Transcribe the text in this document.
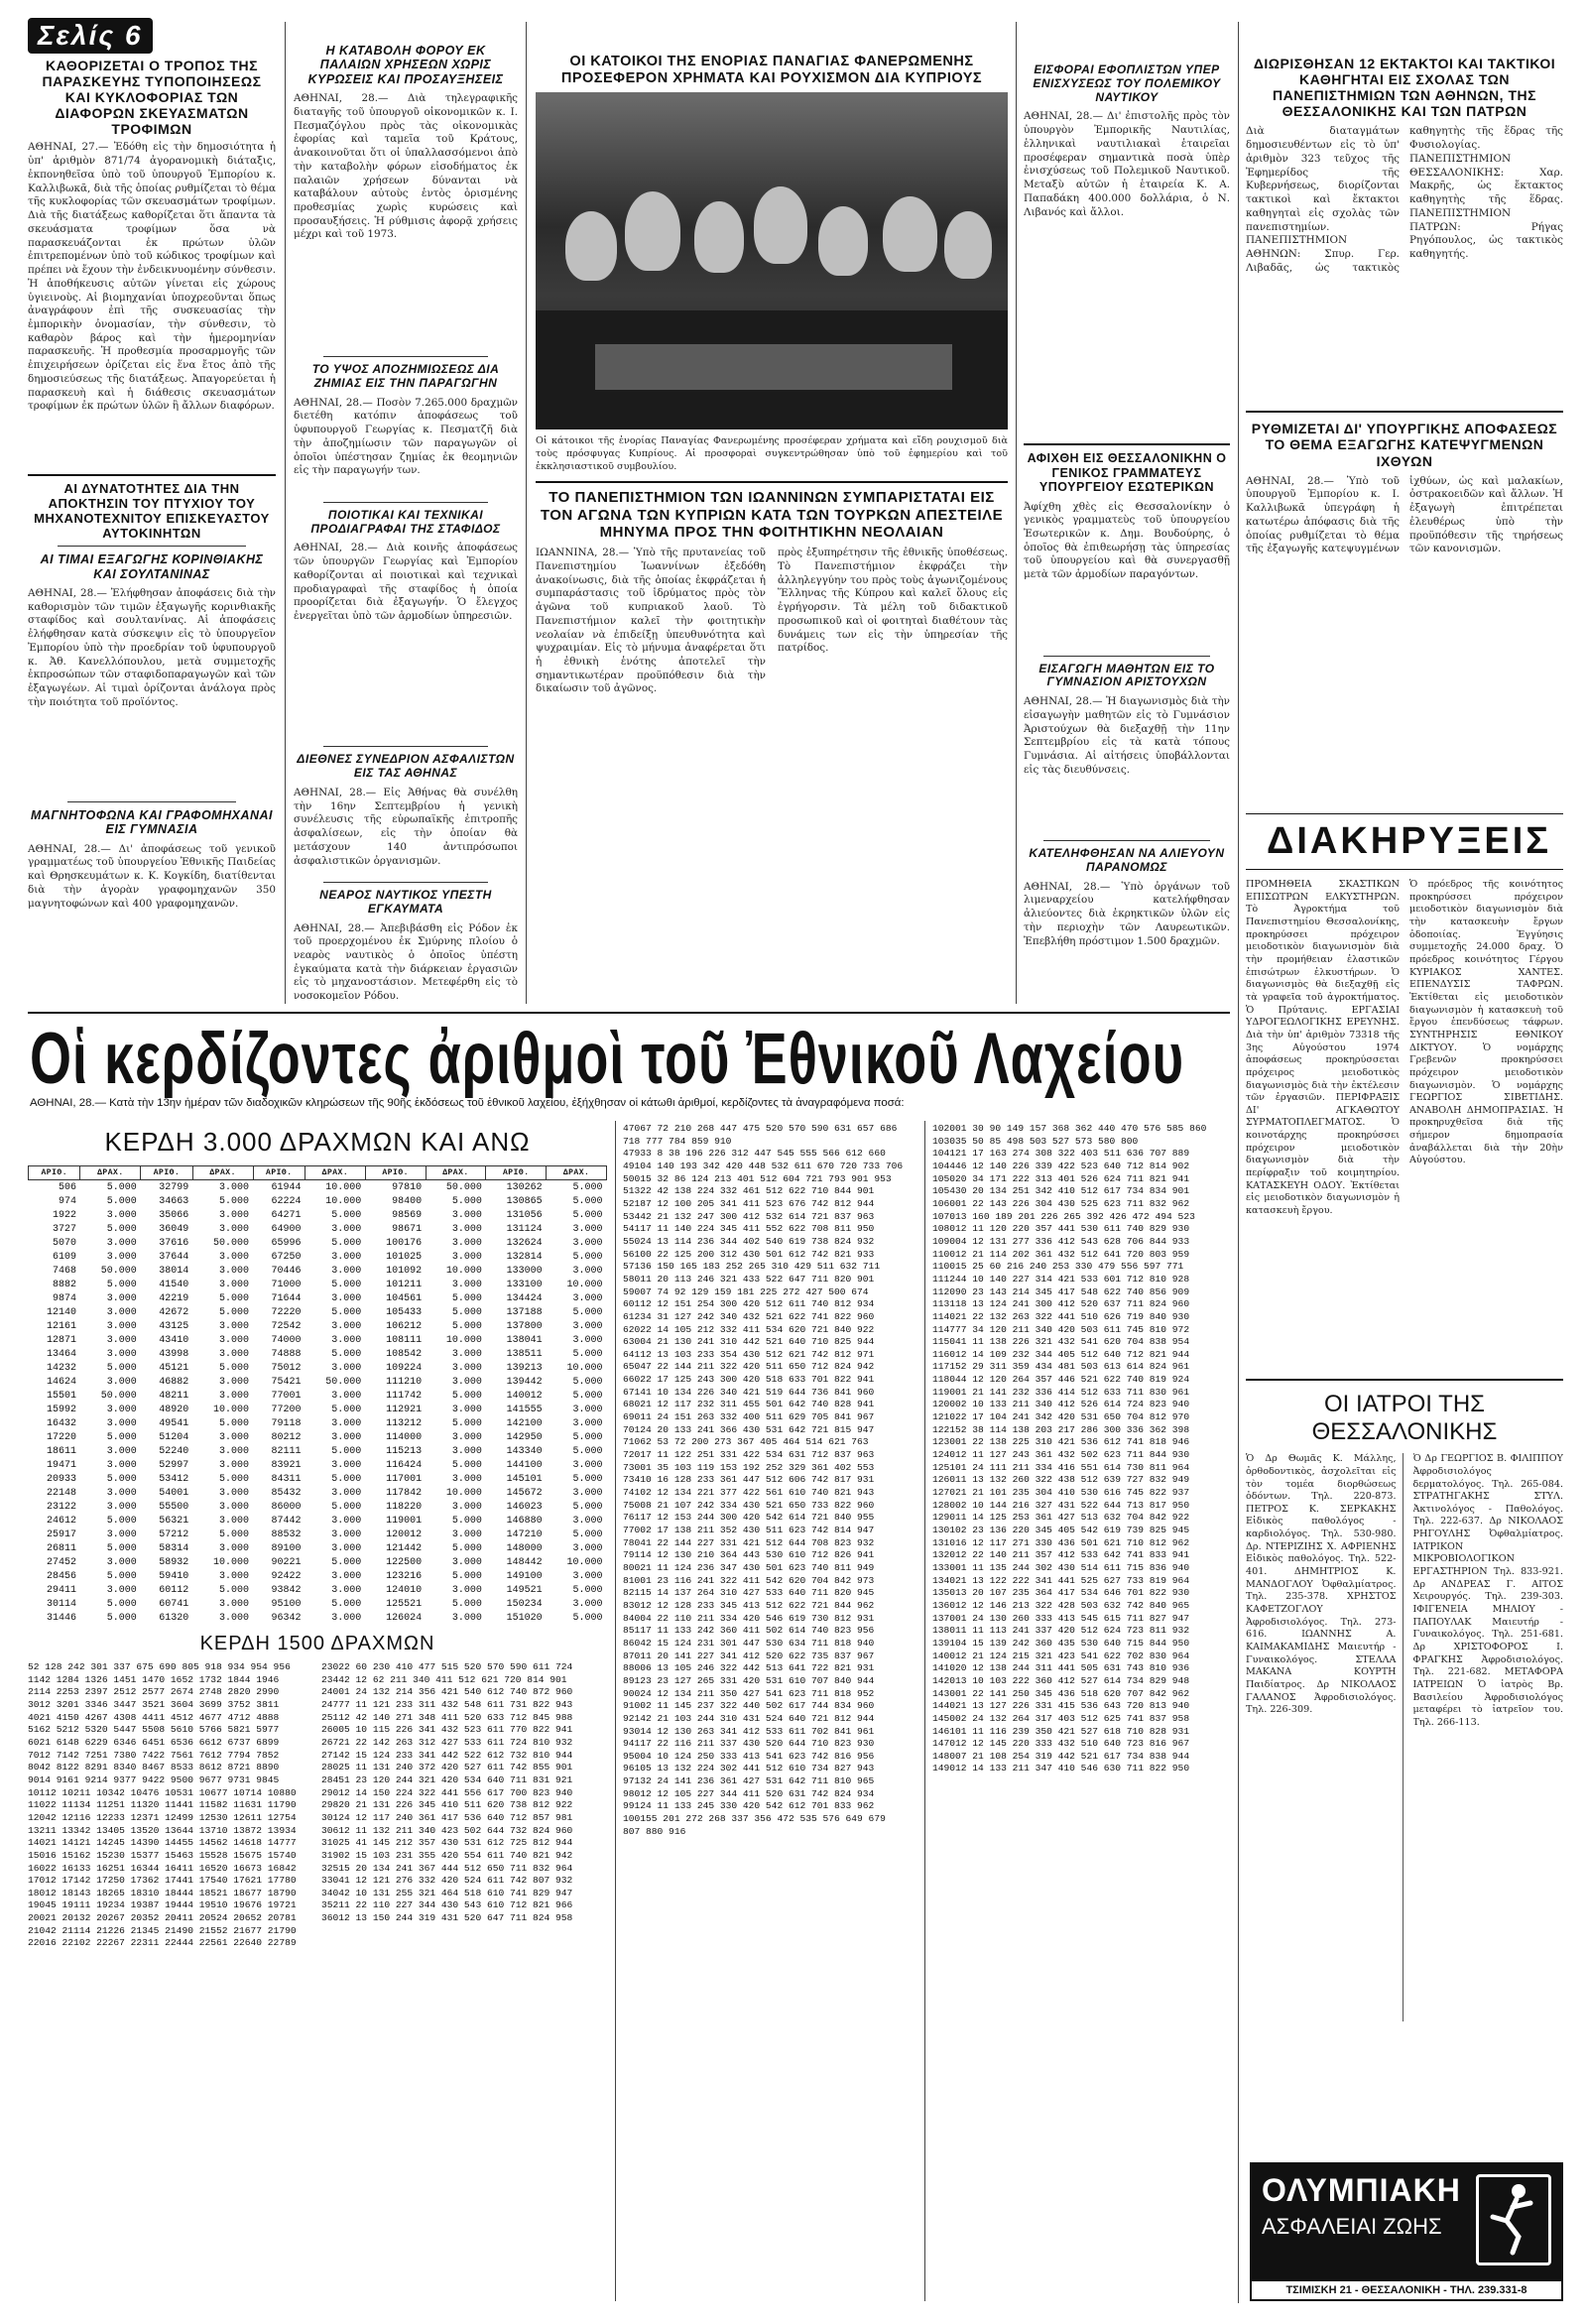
Σελίς 6
ΚΑΘΟΡΙΖΕΤΑΙ Ο ΤΡΟΠΟΣ ΤΗΣ ΠΑΡΑΣΚΕΥΗΣ ΤΥΠΟΠΟΙΗΣΕΩΣ ΚΑΙ ΚΥΚΛΟΦΟΡΙΑΣ ΤΩΝ ΔΙΑΦΟΡΩΝ ΣΚΕΥΑΣΜΑΤΩΝ ΤΡΟΦΙΜΩΝ

ΑΘΗΝΑΙ, 27.— Ἐδόθη εἰς τὴν δημοσιότητα ἡ ὑπ' ἀριθμὸν 871/74 ἀγορανομικὴ διάταξις, ἐκπονηθεῖσα ὑπὸ τοῦ ὑπουργοῦ Ἐμπορίου κ. Καλλιβωκᾶ, διὰ τῆς ὁποίας ρυθμίζεται τὸ θέμα τῆς κυκλοφορίας τῶν σκευασμάτων τροφίμων. Διὰ τῆς διατάξεως καθορίζεται ὅτι ἅπαντα τὰ σκευάσματα τροφίμων ὅσα νὰ παρασκευάζονται ἐκ πρώτων ὑλῶν ἐπιτρεπομένων ὑπὸ τοῦ κώδικος τροφίμων καὶ πρέπει νὰ ἔχουν τὴν ἐνδεικνυομένην σύνθεσιν. Ἡ ἀποθήκευσις αὐτῶν γίνεται εἰς χώρους ὑγιεινοὺς. Αἱ βιομηχανίαι ὑποχρεοῦνται ὅπως ἀναγράφουν ἐπὶ τῆς συσκευασίας τὴν ἐμπορικὴν ὀνομασίαν, τὴν σύνθεσιν, τὸ καθαρὸν βάρος καὶ τὴν ἡμερομηνίαν παρασκευῆς. Ἡ προθεσμία προσαρμογῆς τῶν ἐπιχειρήσεων ὁρίζεται εἰς ἕνα ἔτος ἀπὸ τῆς δημοσιεύσεως τῆς διατάξεως. Ἀπαγορεύεται ἡ παρασκευὴ καὶ ἡ διάθεσις σκευασμάτων τροφίμων ἐκ πρώτων ὑλῶν ἢ ἄλλων διαφόρων.

ΑΙ ΔΥΝΑΤΟΤΗΤΕΣ ΔΙΑ ΤΗΝ ΑΠΟΚΤΗΣΙΝ ΤΟΥ ΠΤΥΧΙΟΥ ΤΟΥ ΜΗΧΑΝΟΤΕΧΝΙΤΟΥ ΕΠΙΣΚΕΥΑΣΤΟΥ ΑΥΤΟΚΙΝΗΤΩΝ
ΑΙ ΤΙΜΑΙ ΕΞΑΓΩΓΗΣ ΚΟΡΙΝΘΙΑΚΗΣ ΚΑΙ ΣΟΥΛΤΑΝΙΝΑΣ

ΑΘΗΝΑΙ, 28.— Ἐλήφθησαν ἀποφάσεις διὰ τὴν καθορισμὸν τῶν τιμῶν ἐξαγωγῆς κορινθιακῆς σταφίδος καὶ σουλτανίνας. Αἱ ἀποφάσεις ἐλήφθησαν κατὰ σύσκεψιν εἰς τὸ ὑπουργεῖον Ἐμπορίου ὑπὸ τὴν προεδρίαν τοῦ ὑφυπουργοῦ κ. Ἀθ. Κανελλόπουλου, μετὰ συμμετοχῆς ἐκπροσώπων τῶν σταφιδοπαραγωγῶν καὶ τῶν ἐξαγωγέων. Αἱ τιμαὶ ὁρίζονται ἀνάλογα πρὸς τὴν ποιότητα τοῦ προϊόντος.

ΜΑΓΝΗΤΟΦΩΝΑ ΚΑΙ ΓΡΑΦΟΜΗΧΑΝΑΙ ΕΙΣ ΓΥΜΝΑΣΙΑ

ΑΘΗΝΑΙ, 28.— Δι' ἀποφάσεως τοῦ γενικοῦ γραμματέως τοῦ ὑπουργείου Ἐθνικῆς Παιδείας καὶ Θρησκευμάτων κ. Κ. Κογκίδη, διατίθενται διὰ τὴν ἀγορὰν γραφομηχανῶν 350 μαγνητοφώνων καὶ 400 γραφομηχανῶν.

Η ΚΑΤΑΒΟΛΗ ΦΟΡΟΥ ΕΚ ΠΑΛΑΙΩΝ ΧΡΗΣΕΩΝ ΧΩΡΙΣ ΚΥΡΩΣΕΙΣ ΚΑΙ ΠΡΟΣΑΥΞΗΣΕΙΣ

ΑΘΗΝΑΙ, 28.— Διὰ τηλεγραφικῆς διαταγῆς τοῦ ὑπουργοῦ οἰκονομικῶν κ. Ι. Πεσμαζόγλου πρὸς τὰς οἰκονομικὰς ἐφορίας καὶ ταμεῖα τοῦ Κράτους, ἀνακοινοῦται ὅτι οἱ ὑπαλλασσόμενοι ἀπὸ τὴν καταβολὴν φόρων εἰσοδήματος ἐκ παλαιῶν χρήσεων δύνανται νὰ καταβάλουν αὐτοὺς ἐντὸς ὁρισμένης προθεσμίας χωρὶς κυρώσεις καὶ προσαυξήσεις. Ἡ ρύθμισις ἀφορᾷ χρήσεις μέχρι καὶ τοῦ 1973.

ΤΟ ΥΨΟΣ ΑΠΟΖΗΜΙΩΣΕΩΣ ΔΙΑ ΖΗΜΙΑΣ ΕΙΣ ΤΗΝ ΠΑΡΑΓΩΓΗΝ

ΑΘΗΝΑΙ, 28.— Ποσὸν 7.265.000 δραχμῶν διετέθη κατόπιν ἀποφάσεως τοῦ ὑφυπουργοῦ Γεωργίας κ. Πεσματζῆ διὰ τὴν ἀποζημίωσιν τῶν παραγωγῶν οἱ ὁποῖοι ὑπέστησαν ζημίας ἐκ θεομηνιῶν εἰς τὴν παραγωγήν των.

ΠΟΙΟΤΙΚΑΙ ΚΑΙ ΤΕΧΝΙΚΑΙ ΠΡΟΔΙΑΓΡΑΦΑΙ ΤΗΣ ΣΤΑΦΙΔΟΣ

ΑΘΗΝΑΙ, 28.— Διὰ κοινῆς ἀποφάσεως τῶν ὑπουργῶν Γεωργίας καὶ Ἐμπορίου καθορίζονται αἱ ποιοτικαὶ καὶ τεχνικαὶ προδιαγραφαὶ τῆς σταφίδος ἡ ὁποία προορίζεται διὰ ἐξαγωγήν. Ὁ ἔλεγχος ἐνεργεῖται ὑπὸ τῶν ἁρμοδίων ὑπηρεσιῶν.

ΔΙΕΘΝΕΣ ΣΥΝΕΔΡΙΟΝ ΑΣΦΑΛΙΣΤΩΝ ΕΙΣ ΤΑΣ ΑΘΗΝΑΣ

ΑΘΗΝΑΙ, 28.— Εἰς Ἀθήνας θὰ συνέλθη τὴν 16ην Σεπτεμβρίου ἡ γενικὴ συνέλευσις τῆς εὐρωπαϊκῆς ἐπιτροπῆς ἀσφαλίσεων, εἰς τὴν ὁποίαν θὰ μετάσχουν 140 ἀντιπρόσωποι ἀσφαλιστικῶν ὀργανισμῶν.

ΝΕΑΡΟΣ ΝΑΥΤΙΚΟΣ ΥΠΕΣΤΗ ΕΓΚΑΥΜΑΤΑ

ΑΘΗΝΑΙ, 28.— Ἀπεβιβάσθη εἰς Ρόδον ἐκ τοῦ προερχομένου ἐκ Σμύρνης πλοίου ὁ νεαρὸς ναυτικὸς ὁ ὁποῖος ὑπέστη ἐγκαύματα κατὰ τὴν διάρκειαν ἐργασιῶν εἰς τὸ μηχανοστάσιον. Μετεφέρθη εἰς τὸ νοσοκομεῖον Ρόδου.

ΟΙ ΚΑΤΟΙΚΟΙ ΤΗΣ ΕΝΟΡΙΑΣ ΠΑΝΑΓΙΑΣ ΦΑΝΕΡΩΜΕΝΗΣ ΠΡΟΣΕΦΕΡΟΝ ΧΡΗΜΑΤΑ ΚΑΙ ΡΟΥΧΙΣΜΟΝ ΔΙΑ ΚΥΠΡΙΟΥΣ

Οἱ κάτοικοι τῆς ἐνορίας Παναγίας Φανερωμένης προσέφεραν χρήματα καὶ εἴδη ρουχισμοῦ διὰ τοὺς πρόσφυγας Κυπρίους. Αἱ προσφοραὶ συγκεντρώθησαν ὑπὸ τοῦ ἐφημερίου καὶ τοῦ ἐκκλησιαστικοῦ συμβουλίου.

ΤΟ ΠΑΝΕΠΙΣΤΗΜΙΟΝ ΤΩΝ ΙΩΑΝΝΙΝΩΝ ΣΥΜΠΑΡΙΣΤΑΤΑΙ ΕΙΣ ΤΟΝ ΑΓΩΝΑ ΤΩΝ ΚΥΠΡΙΩΝ ΚΑΤΑ ΤΩΝ ΤΟΥΡΚΩΝ ΑΠΕΣΤΕΙΛΕ ΜΗΝΥΜΑ ΠΡΟΣ ΤΗΝ ΦΟΙΤΗΤΙΚΗΝ ΝΕΟΛΑΙΑΝ

ΙΩΑΝΝΙΝΑ, 28.— Ὑπὸ τῆς πρυτανείας τοῦ Πανεπιστημίου Ἰωαννίνων ἐξεδόθη ἀνακοίνωσις, διὰ τῆς ὁποίας ἐκφράζεται ἡ συμπαράστασις τοῦ ἱδρύματος πρὸς τὸν ἀγῶνα τοῦ κυπριακοῦ λαοῦ. Τὸ Πανεπιστήμιον καλεῖ τὴν φοιτητικὴν νεολαίαν νὰ ἐπιδείξῃ ὑπευθυνότητα καὶ ψυχραιμίαν. Εἰς τὸ μήνυμα ἀναφέρεται ὅτι ἡ ἐθνικὴ ἑνότης ἀποτελεῖ τὴν σημαντικωτέραν προϋπόθεσιν διὰ τὴν δικαίωσιν τοῦ ἀγῶνος.

πρὸς ἐξυπηρέτησιν τῆς ἐθνικῆς ὑποθέσεως. Τὸ Πανεπιστήμιον ἐκφράζει τὴν ἀλληλεγγύην του πρὸς τοὺς ἀγωνιζομένους Ἕλληνας τῆς Κύπρου καὶ καλεῖ ὅλους εἰς ἐγρήγορσιν. Τὰ μέλη τοῦ διδακτικοῦ προσωπικοῦ καὶ οἱ φοιτηταὶ διαθέτουν τὰς δυνάμεις των εἰς τὴν ὑπηρεσίαν τῆς πατρίδος.

ΕΙΣΦΟΡΑΙ ΕΦΟΠΛΙΣΤΩΝ ΥΠΕΡ ΕΝΙΣΧΥΣΕΩΣ ΤΟΥ ΠΟΛΕΜΙΚΟΥ ΝΑΥΤΙΚΟΥ

ΑΘΗΝΑΙ, 28.— Δι' ἐπιστολῆς πρὸς τὸν ὑπουργὸν Ἐμπορικῆς Ναυτιλίας, ἑλληνικαὶ ναυτιλιακαὶ ἑταιρεῖαι προσέφεραν σημαντικὰ ποσὰ ὑπὲρ ἐνισχύσεως τοῦ Πολεμικοῦ Ναυτικοῦ. Μεταξὺ αὐτῶν ἡ ἑταιρεία Κ. Α. Παπαδάκη 400.000 δολλάρια, ὁ Ν. Λιβανός καὶ ἄλλοι.

ΑΦΙΧΘΗ ΕΙΣ ΘΕΣΣΑΛΟΝΙΚΗΝ Ο ΓΕΝΙΚΟΣ ΓΡΑΜΜΑΤΕΥΣ ΥΠΟΥΡΓΕΙΟΥ ΕΣΩΤΕΡΙΚΩΝ

Ἀφίχθη χθὲς εἰς Θεσσαλονίκην ὁ γενικὸς γραμματεὺς τοῦ ὑπουργείου Ἐσωτερικῶν κ. Δημ. Βουδούρης, ὁ ὁποῖος θὰ ἐπιθεωρήσῃ τὰς ὑπηρεσίας τοῦ ὑπουργείου καὶ θὰ συνεργασθῇ μετὰ τῶν ἁρμοδίων παραγόντων.

ΕΙΣΑΓΩΓΗ ΜΑΘΗΤΩΝ ΕΙΣ ΤΟ ΓΥΜΝΑΣΙΟΝ ΑΡΙΣΤΟΥΧΩΝ

ΑΘΗΝΑΙ, 28.— Ἡ διαγωνισμὸς διὰ τὴν εἰσαγωγὴν μαθητῶν εἰς τὸ Γυμνάσιον Ἀριστούχων θὰ διεξαχθῇ τὴν 11ην Σεπτεμβρίου εἰς τὰ κατὰ τόπους Γυμνάσια. Αἱ αἰτήσεις ὑποβάλλονται εἰς τὰς διευθύνσεις.

ΚΑΤΕΛΗΦΘΗΣΑΝ ΝΑ ΑΛΙΕΥΟΥΝ ΠΑΡΑΝΟΜΩΣ

ΑΘΗΝΑΙ, 28.— Ὑπὸ ὀργάνων τοῦ λιμεναρχείου κατελήφθησαν ἁλιεύοντες διὰ ἐκρηκτικῶν ὑλῶν εἰς τὴν περιοχὴν τῶν Λαυρεωτικῶν. Ἐπεβλήθη πρόστιμον 1.500 δραχμῶν.

ΔΙΩΡΙΣΘΗΣΑΝ 12 ΕΚΤΑΚΤΟΙ ΚΑΙ ΤΑΚΤΙΚΟΙ ΚΑΘΗΓΗΤΑΙ ΕΙΣ ΣΧΟΛΑΣ ΤΩΝ ΠΑΝΕΠΙΣΤΗΜΙΩΝ ΤΩΝ ΑΘΗΝΩΝ, ΤΗΣ ΘΕΣΣΑΛΟΝΙΚΗΣ ΚΑΙ ΤΩΝ ΠΑΤΡΩΝ

Διὰ διαταγμάτων δημοσιευθέντων εἰς τὸ ὑπ' ἀριθμὸν 323 τεῦχος τῆς Ἐφημερίδος τῆς Κυβερνήσεως, διορίζονται τακτικοὶ καὶ ἔκτακτοι καθηγηταὶ εἰς σχολὰς τῶν πανεπιστημίων. ΠΑΝΕΠΙΣΤΗΜΙΟΝ ΑΘΗΝΩΝ: Σπυρ. Γερ. Λιβαδᾶς, ὡς τακτικὸς καθηγητὴς τῆς ἕδρας τῆς Φυσιολογίας. ΠΑΝΕΠΙΣΤΗΜΙΟΝ ΘΕΣΣΑΛΟΝΙΚΗΣ: Χαρ. Μακρῆς, ὡς ἔκτακτος καθηγητὴς τῆς ἕδρας. ΠΑΝΕΠΙΣΤΗΜΙΟΝ ΠΑΤΡΩΝ: Ρήγας Ρηγόπουλος, ὡς τακτικὸς καθηγητής.

ΡΥΘΜΙΖΕΤΑΙ ΔΙ' ΥΠΟΥΡΓΙΚΗΣ ΑΠΟΦΑΣΕΩΣ ΤΟ ΘΕΜΑ ΕΞΑΓΩΓΗΣ ΚΑΤΕΨΥΓΜΕΝΩΝ ΙΧΘΥΩΝ

ΑΘΗΝΑΙ, 28.— Ὑπὸ τοῦ ὑπουργοῦ Ἐμπορίου κ. Ι. Καλλιβωκᾶ ὑπεγράφη ἡ κατωτέρω ἀπόφασις διὰ τῆς ὁποίας ρυθμίζεται τὸ θέμα τῆς ἐξαγωγῆς κατεψυγμένων ἰχθύων, ὡς καὶ μαλακίων, ὀστρακοειδῶν καὶ ἄλλων. Ἡ ἐξαγωγὴ ἐπιτρέπεται ἐλευθέρως ὑπὸ τὴν προϋπόθεσιν τῆς τηρήσεως τῶν κανονισμῶν.

ΔΙΑΚΗΡΥΞΕΙΣ

ΠΡΟΜΗΘΕΙΑ ΣΚΑΣΤΙΚΩΝ ΕΠΙΣΩΤΡΩΝ ΕΛΚΥΣΤΗΡΩΝ. Τὸ Ἀγροκτήμα τοῦ Πανεπιστημίου Θεσσαλονίκης, προκηρύσσει πρόχειρον μειοδοτικὸν διαγωνισμὸν διὰ τὴν προμήθειαν ἐλαστικῶν ἐπισώτρων ἐλκυστήρων. Ὁ διαγωνισμὸς θὰ διεξαχθῇ εἰς τὰ γραφεῖα τοῦ ἀγροκτήματος. Ὁ Πρύτανις. ΕΡΓΑΣΙΑΙ ΥΔΡΟΓΕΩΛΟΓΙΚΗΣ ΕΡΕΥΝΗΣ. Διὰ τὴν ὑπ' ἀριθμὸν 73318 τῆς 3ης Αὐγούστου 1974 ἀποφάσεως προκηρύσσεται πρόχειρος μειοδοτικὸς διαγωνισμὸς διὰ τὴν ἐκτέλεσιν τῶν ἐργασιῶν. ΠΕΡΙΦΡΑΞΙΣ ΔΙ' ΑΓΚΑΘΩΤΟΥ ΣΥΡΜΑΤΟΠΛΕΓΜΑΤΟΣ. Ὁ κοινοτάρχης προκηρύσσει πρόχειρον μειοδοτικὸν διαγωνισμὸν διὰ τὴν περίφραξιν τοῦ κοιμητηρίου. ΚΑΤΑΣΚΕΥΗ ΟΔΟΥ. Ἐκτίθεται εἰς μειοδοτικὸν διαγωνισμὸν ἡ κατασκευὴ ἔργου.

Ὁ πρόεδρος τῆς κοινότητος προκηρύσσει πρόχειρον μειοδοτικὸν διαγωνισμὸν διὰ τὴν κατασκευὴν ἔργων ὀδοποιίας. Ἐγγύησις συμμετοχῆς 24.000 δραχ. Ὁ πρόεδρος κοινότητος Γέργου ΚΥΡΙΑΚΟΣ ΧΑΝΤΕΣ. ΕΠΕΝΔΥΣΙΣ ΤΑΦΡΩΝ. Ἐκτίθεται εἰς μειοδοτικὸν διαγωνισμὸν ἡ κατασκευὴ τοῦ ἔργου ἐπενδύσεως τάφρων. ΣΥΝΤΗΡΗΣΙΣ ΕΘΝΙΚΟΥ ΔΙΚΤΥΟΥ. Ὁ νομάρχης Γρεβενῶν προκηρύσσει πρόχειρον μειοδοτικὸν διαγωνισμὸν. Ὁ νομάρχης ΓΕΩΡΓΙΟΣ ΣΙΒΕΤΙΔΗΣ. ΑΝΑΒΟΛΗ ΔΗΜΟΠΡΑΣΙΑΣ. Ἡ προκηρυχθεῖσα διὰ τῆς σήμερον δημοπρασία ἀναβάλλεται διὰ τὴν 20ὴν Αὐγούστου.

ΟΙ ΙΑΤΡΟΙ ΤΗΣ ΘΕΣΣΑΛΟΝΙΚΗΣ

Ὁ Δρ Θωμᾶς Κ. Μάλλης, ὀρθοδοντικὸς, ἀσχολεῖται εἰς τὸν τομέα διορθώσεως ὀδόντων. Τηλ. 220-873. ΠΕΤΡΟΣ Κ. ΣΕΡΚΑΚΗΣ Εἰδικὸς παθολόγος - καρδιολόγος. Τηλ. 530-980. Δρ. ΝΤΕΡΙΖΙΗΣ Χ. ΑΦΡΙΕΝΗΣ Εἰδικὸς παθολόγος. Τηλ. 522-401. ΔΗΜΗΤΡΙΟΣ Κ. ΜΑΝΔΟΓΛΟΥ Ὀφθαλμίατρος. Τηλ. 235-378. ΧΡΗΣΤΟΣ ΚΑΦΕΤΖΟΓΛΟΥ Ἀφροδισιολόγος. Τηλ. 273-616. ΙΩΑΝΝΗΣ Α. ΚΑΙΜΑΚΑΜΙΔΗΣ Μαιευτήρ - Γυναικολόγος. ΣΤΕΛΛΑ ΜΑΚΑΝΑ ΚΟΥΡΤΗ Παιδίατρος. Δρ ΝΙΚΟΛΑΟΣ ΓΑΛΑΝΟΣ Ἀφροδισιολόγος. Τηλ. 226-309.

Ὁ Δρ ΓΕΩΡΓΙΟΣ Β. ΦΙΛΙΠΠΟΥ Ἀφροδισιολόγος δερματολόγος. Τηλ. 265-084. ΣΤΡΑΤΗΓΑΚΗΣ ΣΤΥΛ. Ἀκτινολόγος - Παθολόγος. Τηλ. 222-637. Δρ ΝΙΚΟΛΑΟΣ ΡΗΓΟΥΛΗΣ Ὀφθαλμίατρος. ΙΑΤΡΙΚΟΝ ΜΙΚΡΟΒΙΟΛΟΓΙΚΟΝ ΕΡΓΑΣΤΗΡΙΟΝ Τηλ. 833-921. Δρ ΑΝΔΡΕΑΣ Γ. ΑΙΤΟΣ Χειρουργός. Τηλ. 239-303. ΙΦΙΓΕΝΕΙΑ ΜΗΛΙΟΥ - ΠΑΠΟΥΛΑΚ Μαιευτήρ - Γυναικολόγος. Τηλ. 251-681. Δρ ΧΡΙΣΤΟΦΟΡΟΣ Ι. ΦΡΑΓΚΗΣ Ἀφροδισιολόγος. Τηλ. 221-682. ΜΕΤΑΦΟΡΑ ΙΑΤΡΕΙΩΝ Ὁ ἰατρὸς Βρ. Βασιλείου Ἀφροδισιολόγος μεταφέρει τὸ ἰατρεῖον του. Τηλ. 266-113.

ΟΛΥΜΠΙΑΚΗ
ΑΣΦΑΛΕΙΑΙ ΖΩΗΣ
ΤΣΙΜΙΣΚΗ 21 - ΘΕΣΣΑΛΟΝΙΚΗ - ΤΗΛ. 239.331-8
Οἱ κερδίζοντες ἀριθμοὶ τοῦ Ἐθνικοῦ Λαχείου
ΑΘΗΝΑΙ, 28.— Κατὰ τὴν 13ην ἡμέραν τῶν διαδοχικῶν κληρώσεων τῆς 90ῆς ἐκδόσεως τοῦ ἐθνικοῦ λαχείου, ἐξήχθησαν οἱ κάτωθι ἀριθμοί, κερδίζοντες τὰ ἀναγραφόμενα ποσά:
ΚΕΡΔΗ 3.000 ΔΡΑΧΜΩΝ ΚΑΙ ΑΝΩ
ΑΡΙΘ.	ΔΡΑΧ.	ΑΡΙΘ.	ΔΡΑΧ.	ΑΡΙΘ.	ΔΡΑΧ.	ΑΡΙΘ.	ΔΡΑΧ.	ΑΡΙΘ.	ΔΡΑΧ.
506	5.000	32799	3.000	61944	10.000	97810	50.000	130262	5.000
974	5.000	34663	5.000	62224	10.000	98400	5.000	130865	5.000
1922	3.000	35066	3.000	64271	5.000	98569	3.000	131056	5.000
3727	5.000	36049	3.000	64900	3.000	98671	3.000	131124	3.000
5070	3.000	37616	50.000	65996	5.000	100176	3.000	132624	3.000
6109	3.000	37644	3.000	67250	3.000	101025	3.000	132814	5.000
7468	50.000	38014	3.000	70446	3.000	101092	10.000	133000	3.000
8882	5.000	41540	3.000	71000	5.000	101211	3.000	133100	10.000
9874	3.000	42219	5.000	71644	3.000	104561	5.000	134424	3.000
12140	3.000	42672	5.000	72220	5.000	105433	5.000	137188	5.000
12161	3.000	43125	3.000	72542	3.000	106212	5.000	137800	3.000
12871	3.000	43410	3.000	74000	3.000	108111	10.000	138041	3.000
13464	3.000	43998	3.000	74888	5.000	108542	3.000	138511	5.000
14232	5.000	45121	5.000	75012	3.000	109224	3.000	139213	10.000
14624	3.000	46882	3.000	75421	50.000	111210	3.000	139442	5.000
15501	50.000	48211	3.000	77001	3.000	111742	5.000	140012	5.000
15992	3.000	48920	10.000	77200	5.000	112921	3.000	141555	3.000
16432	3.000	49541	5.000	79118	3.000	113212	5.000	142100	3.000
17220	5.000	51204	3.000	80212	3.000	114000	3.000	142950	5.000
18611	3.000	52240	3.000	82111	5.000	115213	3.000	143340	5.000
19471	3.000	52997	3.000	83921	3.000	116424	5.000	144100	3.000
20933	5.000	53412	5.000	84311	5.000	117001	3.000	145101	5.000
22148	3.000	54001	3.000	85432	3.000	117842	10.000	145672	3.000
23122	3.000	55500	3.000	86000	5.000	118220	3.000	146023	5.000
24612	5.000	56321	3.000	87442	3.000	119001	5.000	146880	3.000
25917	3.000	57212	5.000	88532	3.000	120012	3.000	147210	5.000
26811	5.000	58314	3.000	89100	3.000	121442	5.000	148000	3.000
27452	3.000	58932	10.000	90221	5.000	122500	3.000	148442	10.000
28456	5.000	59410	3.000	92422	3.000	123216	5.000	149100	3.000
29411	3.000	60112	5.000	93842	3.000	124010	3.000	149521	5.000
30114	5.000	60741	3.000	95100	5.000	125521	5.000	150234	3.000
31446	5.000	61320	3.000	96342	3.000	126024	3.000	151020	5.000
ΚΕΡΔΗ 1500 ΔΡΑΧΜΩΝ
52 128 242 301 337 675 690 805 918 934 954 956
1142 1284 1326 1451 1470 1652 1732 1844 1946
2114 2253 2397 2512 2577 2674 2748 2820 2990
3012 3201 3346 3447 3521 3604 3699 3752 3811
4021 4150 4267 4308 4411 4512 4677 4712 4888
5162 5212 5320 5447 5508 5610 5766 5821 5977
6021 6148 6229 6346 6451 6536 6612 6737 6899
7012 7142 7251 7380 7422 7561 7612 7794 7852
8042 8122 8291 8340 8467 8533 8612 8721 8890
9014 9161 9214 9377 9422 9500 9677 9731 9845
10112 10211 10342 10476 10531 10677 10714 10880
11022 11134 11251 11320 11441 11582 11631 11790
12042 12116 12233 12371 12499 12530 12611 12754
13211 13342 13405 13520 13644 13710 13872 13934
14021 14121 14245 14390 14455 14562 14618 14777
15016 15162 15230 15377 15463 15528 15675 15740
16022 16133 16251 16344 16411 16520 16673 16842
17012 17142 17250 17362 17441 17540 17621 17780
18012 18143 18265 18310 18444 18521 18677 18790
19045 19111 19234 19387 19444 19510 19676 19721
20021 20132 20267 20352 20411 20524 20652 20781
21042 21114 21226 21345 21490 21552 21677 21790
22016 22102 22267 22311 22444 22561 22640 22789
23022 60 230 410 477 515 520 570 590 611 724
23442 12 62 211 340 411 512 621 720 814 901
24001 24 132 214 356 421 540 612 740 872 960
24777 11 121 233 311 432 548 611 731 822 943
25112 42 140 271 348 411 520 633 712 845 988
26005 10 115 226 341 432 523 611 770 822 941
26721 22 142 263 312 427 533 611 724 810 932
27142 15 124 233 341 442 522 612 732 810 944
28025 11 131 240 372 420 527 611 742 855 901
28451 23 120 244 321 420 534 640 711 831 921
29012 14 150 224 322 441 556 617 700 823 940
29820 21 131 226 345 410 511 620 738 812 922
30124 12 117 240 361 417 536 640 712 857 981
30612 11 132 211 340 423 502 644 732 824 960
31025 41 145 212 357 430 531 612 725 812 944
31902 15 103 231 355 420 554 611 740 821 942
32515 20 134 241 367 444 512 650 711 832 964
33041 12 121 276 332 420 524 611 742 807 932
34042 10 131 255 321 464 518 610 741 829 947
35211 22 110 227 344 430 543 610 712 821 966
36012 13 150 244 319 431 520 647 711 824 958
47067 72 210 268 447 475 520 570 590 631 657 686
718 777 784 859 910
47933 8 38 196 226 312 447 545 555 566 612 660
49104 140 193 342 420 448 532 611 670 720 733 706
50015 32 86 124 213 401 512 604 721 793 901 953
51322 42 138 224 332 461 512 622 710 844 901
52187 12 100 205 341 411 523 676 742 812 944
53442 21 132 247 300 412 532 614 721 837 963
54117 11 140 224 345 411 552 622 708 811 950
55024 13 114 236 344 402 540 619 738 824 932
56100 22 125 200 312 430 501 612 742 821 933
57136 150 165 183 252 265 310 429 511 632 711
58011 20 113 246 321 433 522 647 711 820 901
59007 74 92 129 159 181 225 272 427 500 674
60112 12 151 254 300 420 512 611 740 812 934
61234 31 127 242 340 432 521 622 741 822 960
62022 14 105 212 332 411 534 620 721 840 922
63004 21 130 241 310 442 521 640 710 825 944
64112 13 103 233 354 430 512 621 742 812 971
65047 22 144 211 322 420 511 650 712 824 942
66022 17 125 243 300 420 518 633 701 822 941
67141 10 134 226 340 421 519 644 736 841 960
68021 12 117 232 311 455 501 642 740 828 941
69011 24 151 263 332 400 511 629 705 841 967
70124 20 133 241 366 430 531 642 721 815 947
71062 53 72 200 273 367 405 464 514 621 763
72017 11 122 251 331 422 534 631 712 837 963
73001 35 103 119 153 192 252 329 361 402 553
73410 16 128 233 361 447 512 606 742 817 931
74102 12 134 221 377 422 561 610 740 821 943
75008 21 107 242 334 430 521 650 733 822 960
76117 12 153 244 300 420 542 614 721 840 955
77002 17 138 211 352 430 511 623 742 814 947
78041 22 144 227 331 421 512 644 708 823 932
79114 12 130 210 364 443 530 610 712 826 941
80021 11 124 236 347 430 501 623 740 811 949
81001 23 116 241 322 411 542 620 704 842 973
82115 14 137 264 310 427 533 640 711 820 945
83012 12 128 233 345 413 512 622 721 844 962
84004 22 110 211 334 420 546 619 730 812 931
85117 11 133 242 360 411 502 614 740 823 956
86042 15 124 231 301 447 530 634 711 818 940
87011 20 141 227 341 412 520 622 735 837 967
88006 13 105 246 322 442 513 641 722 821 931
89123 23 127 265 331 420 531 610 707 840 944
90024 12 134 211 350 427 541 623 711 818 952
91002 11 145 237 322 440 502 617 744 834 960
92142 21 103 244 310 431 524 640 721 812 944
93014 12 130 263 341 412 533 611 702 841 961
94117 22 116 211 337 430 520 644 710 823 930
95004 10 124 250 333 413 541 623 742 816 956
96105 13 132 224 302 441 512 610 734 827 943
97132 24 141 236 361 427 531 642 711 810 965
98012 12 105 227 344 411 520 631 742 824 934
99124 11 133 245 330 420 542 612 701 833 962
100155 201 272 268 337 356 472 535 576 649 679
807 880 916
102001 30 90 149 157 368 362 440 470 576 585 860
103035 50 85 498 503 527 573 580 800
104121 17 163 274 308 322 403 511 636 707 889
104446 12 140 226 339 422 523 640 712 814 902
105020 34 171 222 313 401 526 624 711 821 941
105430 20 134 251 342 410 512 617 734 834 901
106001 22 143 226 304 430 525 623 711 832 962
107013 160 189 201 226 265 392 426 472 494 523
108012 11 120 220 357 441 530 611 740 829 930
109004 12 131 277 336 412 543 628 706 844 933
110012 21 114 202 361 432 512 641 720 803 959
110015 25 60 216 240 253 330 479 556 597 771
111244 10 140 227 314 421 533 601 712 810 928
112090 23 143 214 345 417 548 622 740 856 909
113118 13 124 241 300 412 520 637 711 824 960
114021 22 132 263 322 441 510 626 719 840 930
114777 34 120 211 340 420 503 611 745 810 972
115041 11 138 226 321 432 541 620 704 838 954
116012 14 109 232 344 405 512 640 712 821 944
117152 29 311 359 434 481 503 613 614 824 961
118044 12 120 264 357 446 521 622 740 819 924
119001 21 141 232 336 414 512 633 711 830 961
120002 10 133 211 340 412 526 614 724 823 940
121022 17 104 241 342 420 531 650 704 812 970
122152 38 114 138 203 217 286 300 336 362 398
123001 22 138 225 310 421 536 612 741 818 946
124012 11 127 243 361 432 502 623 711 844 930
125101 24 111 211 334 416 551 614 730 811 964
126011 13 132 260 322 438 512 639 727 832 949
127021 21 101 235 304 410 530 616 745 822 937
128002 10 144 216 327 431 522 644 713 817 950
129011 14 125 253 361 427 513 632 704 842 922
130102 23 136 220 345 405 542 619 739 825 945
131016 12 117 271 330 436 501 621 710 812 962
132012 22 140 211 357 412 533 642 741 833 941
133001 11 135 244 302 430 514 611 715 836 940
134021 13 122 222 341 441 525 627 733 819 964
135013 20 107 235 364 417 534 646 701 822 930
136012 12 146 213 322 428 503 632 742 840 965
137001 24 130 260 333 413 545 615 711 827 947
138011 11 113 241 337 420 512 624 723 811 932
139104 15 139 242 360 435 530 640 715 844 950
140012 21 124 215 321 423 541 622 702 830 964
141020 12 138 244 311 441 505 631 743 810 936
142013 10 103 222 360 412 527 614 734 829 948
143001 22 141 250 345 436 518 620 707 842 962
144021 13 127 226 331 415 536 643 720 813 940
145002 24 132 264 317 403 512 625 741 837 958
146101 11 116 239 350 421 527 618 710 828 931
147012 12 145 220 333 432 510 640 723 816 967
148007 21 108 254 319 442 521 617 734 838 944
149012 14 133 211 347 410 546 630 711 822 950
